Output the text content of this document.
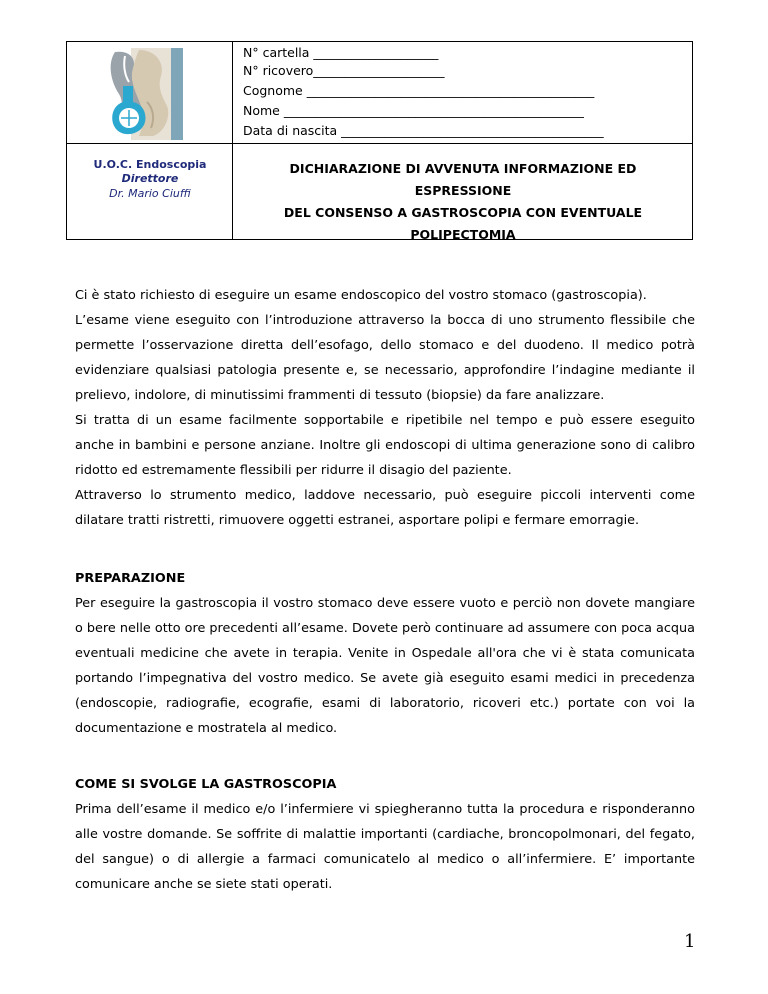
N° cartella ____________________
N° ricovero_____________________
Cognome ______________________________________________
Nome ________________________________________________
Data di nascita __________________________________________
U.O.C. Endoscopia
Direttore
Dr. Mario Ciuffi
DICHIARAZIONE DI AVVENUTA INFORMAZIONE ED ESPRESSIONE
DEL CONSENSO A GASTROSCOPIA CON EVENTUALE
POLIPECTOMIA

Ci è stato richiesto di eseguire un esame endoscopico del vostro stomaco (gastroscopia).

L’esame viene eseguito con l’introduzione attraverso la bocca di uno strumento flessibile che permette l’osservazione diretta dell’esofago, dello stomaco e del duodeno. Il medico potrà evidenziare qualsiasi patologia presente e, se necessario, approfondire l’indagine mediante il prelievo, indolore, di minutissimi frammenti di tessuto (biopsie) da fare analizzare.

Si tratta di un esame facilmente sopportabile e ripetibile nel tempo e può essere eseguito anche in bambini e persone anziane. Inoltre gli endoscopi di ultima generazione sono di calibro ridotto ed estremamente flessibili per ridurre il disagio del paziente.

Attraverso lo strumento medico, laddove necessario, può eseguire piccoli interventi come dilatare tratti ristretti, rimuovere oggetti estranei, asportare polipi e fermare emorragie.

PREPARAZIONE

Per eseguire la gastroscopia il vostro stomaco deve essere vuoto e perciò non dovete mangiare o bere nelle otto ore precedenti all’esame. Dovete però continuare ad assumere con poca acqua eventuali medicine che avete in terapia. Venite in Ospedale all'ora che vi è stata comunicata portando l’impegnativa del vostro medico. Se avete già eseguito esami medici in precedenza (endoscopie, radiografie, ecografie, esami di laboratorio, ricoveri etc.) portate con voi la documentazione e mostratela al medico.

COME SI SVOLGE LA GASTROSCOPIA

Prima dell’esame il medico e/o l’infermiere vi spiegheranno tutta la procedura e risponderanno alle vostre domande. Se soffrite di malattie importanti (cardiache, broncopolmonari, del fegato, del sangue) o di allergie a farmaci comunicatelo al medico o all’infermiere. E’ importante comunicare anche se siete stati operati.

1
